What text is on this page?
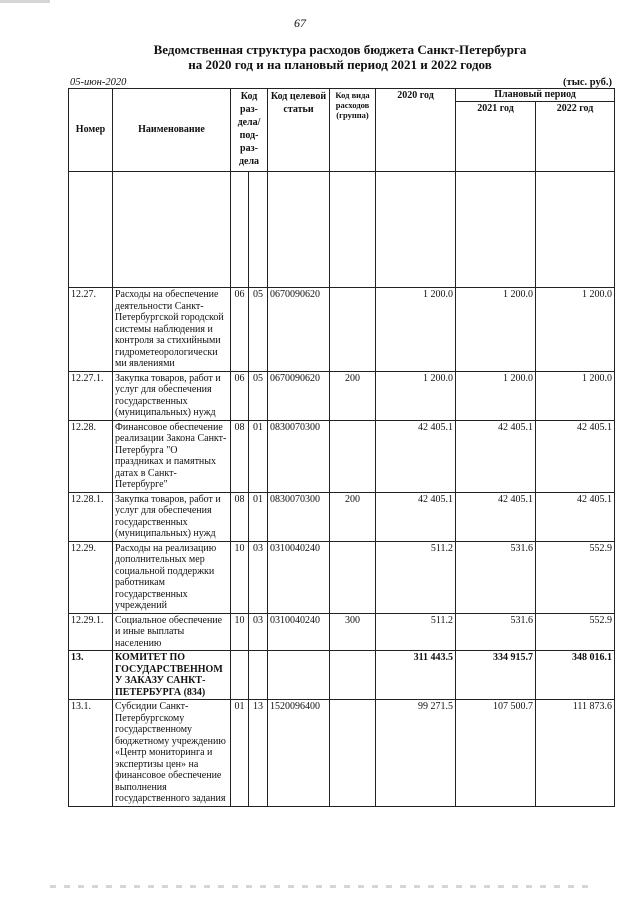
67
Ведомственная структура расходов бюджета Санкт-Петербурга
на 2020 год и на плановый период 2021 и 2022 годов
05-июн-2020	(тыс. руб.)
Номер	Наименование	Код раз-дела/ под-раз-дела		Код целевой статьи	Код вида расходов (группа)	2020 год	Плановый период	
							2021 год	2022 год

12.27.	Расходы на обеспечение деятельности Санкт-Петербургской городской системы наблюдения и контроля за стихийными гидрометеорологически ми явлениями	06	05	0670090620		1 200.0	1 200.0	1 200.0
12.27.1.	Закупка товаров, работ и услуг для обеспечения государственных (муниципальных) нужд	06	05	0670090620	200	1 200.0	1 200.0	1 200.0
12.28.	Финансовое обеспечение реализации Закона Санкт-Петербурга "О праздниках и памятных датах в Санкт-Петербурге"	08	01	0830070300		42 405.1	42 405.1	42 405.1
12.28.1.	Закупка товаров, работ и услуг для обеспечения государственных (муниципальных) нужд	08	01	0830070300	200	42 405.1	42 405.1	42 405.1
12.29.	Расходы на реализацию дополнительных мер социальной поддержки работникам государственных учреждений	10	03	0310040240		511.2	531.6	552.9
12.29.1.	Социальное обеспечение и иные выплаты населению	10	03	0310040240	300	511.2	531.6	552.9
13.	КОМИТЕТ ПО ГОСУДАРСТВЕННОМ У ЗАКАЗУ САНКТ-ПЕТЕРБУРГА (834)					311 443.5	334 915.7	348 016.1
13.1.	Субсидии Санкт-Петербургскому государственному бюджетному учреждению «Центр мониторинга и экспертизы цен» на финансовое обеспечение выполнения государственного задания	01	13	1520096400		99 271.5	107 500.7	111 873.6
